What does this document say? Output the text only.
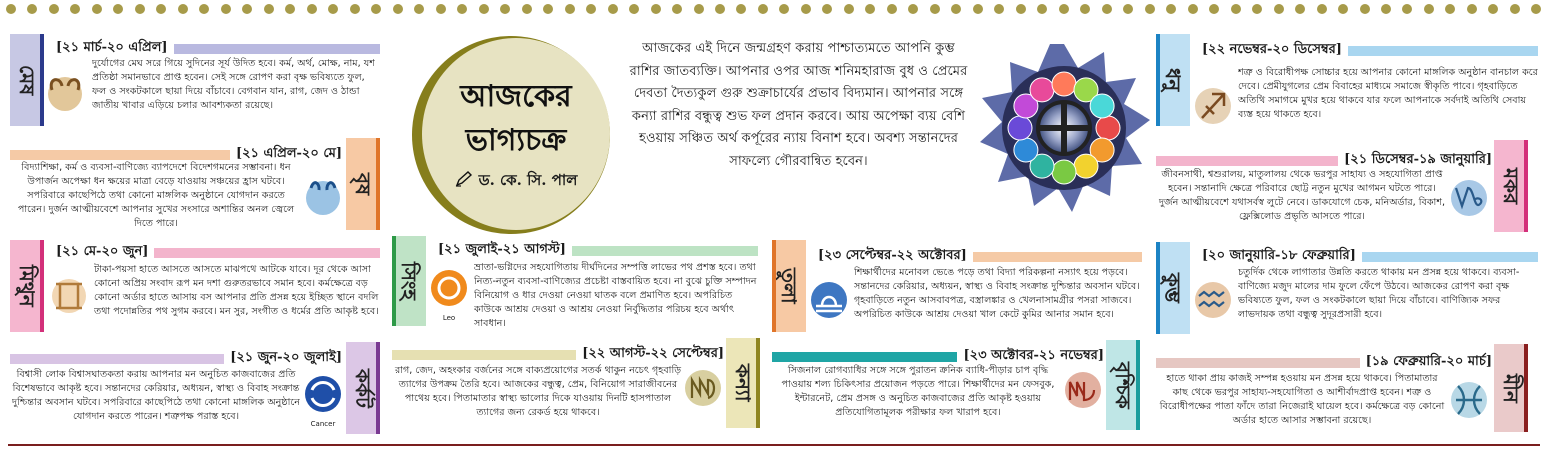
আজকের
ভাগ্যচক্র
ড. কে. সি. পাল
আজকের এই দিনে জন্মগ্রহণ করায় পাশ্চাত্যমতে আপনি কুম্ভ রাশির জাতব্যক্তি। আপনার ওপর আজ শনিমহারাজ বুধ ও প্রেমের দেবতা দৈত্যকুল গুরু শুক্রাচার্যের প্রভাব বিদ্যমান। আপনার সঙ্গে কন্যা রাশির বন্ধুত্ব শুভ ফল প্রদান করবে। আয় অপেক্ষা ব্যয় বেশি হওয়ায় সঞ্চিত অর্থ কর্পূরের ন্যায় বিনাশ হবে। অবশ্য সন্তানদের সাফল্যে গৌরবান্বিত হবেন।
মেষ
[২১ মার্চ-২০ এপ্রিল]
দুর্যোগের মেঘ সরে গিয়ে সুদিনের সূর্য উদিত হবে। কর্ম, অর্থ, মোক্ষ, নাম, যশ প্রতিষ্ঠা সমানভাবে প্রাপ্ত হবেন। সেই সঙ্গে রোপণ করা বৃক্ষ ভবিষ্যতে ফুল, ফল ও সংকটকালে ছায়া দিয়ে বাঁচাবে। বেগবান যান, রাগ, জেদ ও ঠান্ডা জাতীয় খাবার এড়িয়ে চলার আবশ্যকতা রয়েছে।
[২১ এপ্রিল-২০ মে]
বৃষ
বিদ্যাশিক্ষা, কর্ম ও ব্যবসা-বাণিজ্যে ব্যাপদেশে বিদেশগমনের সম্ভাবনা। ধন উপার্জন অপেক্ষা ধন ক্ষয়ের মাত্রা বেড়ে যাওয়ায় সঞ্চয়ের হ্রাস ঘটবে। সপরিবারে কাছেপিঠে তথা কোনো মাঙ্গলিক অনুষ্ঠানে যোগদান করতে পারেন। দুর্জন আত্মীয়বেশে আপনার সুখের সংসারে অশান্তির অনল জ্বেলে দিতে পারে।
মিথুন
[২১ মে-২০ জুন]
টাকা-পয়সা হাতে আসতে আসতে মাঝপথে আটকে যাবে। দূর থেকে আসা কোনো অপ্রিয় সংবাদ রূপ মন দশা গুরুতরভাবে সমান হবে। কর্মক্ষেত্রে বড় কোনো অর্ডার হাতে আসায় বস আপনার প্রতি প্রসন্ন হয়ে ইচ্ছিত স্থানে বদলি তথা পদোন্নতির পথ সুগম করবে। মন সুর, সংগীত ও ধর্মের প্রতি আকৃষ্ট হবে।
[২১ জুন-২০ জুলাই]
কর্কট
Cancer
বিশ্বাসী লোক বিশ্বাসঘাতকতা করায় আপনার মন অনুচিত কাজবাজের প্রতি বিশেষভাবে আকৃষ্ট হবে। সন্তানদের কেরিয়ার, অধ্যয়ন, স্বাস্থ্য ও বিবাহ সংক্রান্ত দুশ্চিন্তার অবসান ঘটবে। সপরিবারে কাছেপিঠে তথা কোনো মাঙ্গলিক অনুষ্ঠানে যোগদান করতে পারেন। শত্রুপক্ষ পরাস্ত হবে।
সিংহ
[২১ জুলাই-২১ আগস্ট]
Leo
ভ্রাতা-ভগ্নিদের সহযোগিতায় দীর্ঘদিনের সম্পত্তি লাভের পথ প্রশস্ত হবে। তথা নিত্য-নতুন ব্যবসা-বাণিজ্যের প্রচেষ্টা বাস্তবায়িত হবে। না বুঝে চুক্তি সম্পাদন বিনিয়োগ ও ধার দেওয়া নেওয়া ঘাতক বলে প্রমাণিত হবে। অপরিচিত কাউকে আশ্রয় দেওয়া ও আশ্রয় নেওয়া নির্বুদ্ধিতার পরিচয় হবে অর্থাৎ সাবধান।
[২২ আগস্ট-২২ সেপ্টেম্বর]
কন্যা
রাগ, জেদ, অহংকার বর্জনের সঙ্গে বাক্যপ্রয়োগের সতর্ক থাকুন নচেৎ গৃহবাড়ি ত্যাগের উপক্রম তৈরি হবে। আজকের বন্ধুত্ব, প্রেম, বিনিয়োগ সারাজীবনের পাথেয় হবে। পিতামাতার স্বাস্থ্য ভালোর দিকে যাওয়ায় দিনটি হাসপাতাল ত্যাগের জন্য রেকর্ড হয়ে থাকবে।
তুলা
[২৩ সেপ্টেম্বর-২২ অক্টোবর]
শিক্ষার্থীদের মনোবল ভেঙে পড়ে তথা বিদ্যা পরিকল্পনা নস্যাৎ হয়ে পড়বে। সন্তানদের কেরিয়ার, অধ্যয়ন, স্বাস্থ্য ও বিবাহ সংক্রান্ত দুশ্চিন্তার অবসান ঘটবে। গৃহবাড়িতে নতুন আসবাবপত্র, বস্ত্রালঙ্কার ও খেলনাসামগ্রীর পসরা সাজবে। অপরিচিত কাউকে আশ্রয় দেওয়া খাল কেটে কুমির আনার সমান হবে।
[২৩ অক্টোবর-২১ নভেম্বর]
বৃশ্চিক
সিজনাল রোগব্যাধির সঙ্গে সঙ্গে পুরাতন ক্রনিক ব্যাধি-পীড়ার চাপ বৃদ্ধি পাওয়ায় শল্য চিকিৎসার প্রয়োজন পড়তে পারে। শিক্ষার্থীদের মন ফেসবুক, ইন্টারনেট, প্রেম প্রসঙ্গ ও অনুচিত কাজবাজের প্রতি আকৃষ্ট হওয়ায় প্রতিযোগিতামূলক পরীক্ষার ফল খারাপ হবে।
ধনু
[২২ নভেম্বর-২০ ডিসেম্বর]
শত্রু ও বিরোধীপক্ষ সোচ্চার হয়ে আপনার কোনো মাঙ্গলিক অনুষ্ঠান বানচাল করে দেবে। প্রেমীযুগলের প্রেম বিবাহের মাধ্যমে সমাজে স্বীকৃতি পাবে। গৃহবাড়িতে অতিথি সমাগমে মুখর হয়ে থাকবে যার ফলে আপনাকে সর্বদাই অতিথি সেবায় ব্যস্ত হয়ে থাকতে হবে।
[২১ ডিসেম্বর-১৯ জানুয়ারি]
মকর
জীবনসাথী, শ্বশুরালয়, মাতুলালয় থেকে ভরপুর সাহায্য ও সহযোগিতা প্রাপ্ত হবেন। সন্তানাদি ক্ষেত্রে পরিবারে ছোট্ট নতুন মুখের আগমন ঘটতে পারে। দুর্জন আত্মীয়বেশে যথাসর্বস্ব লুটে নেবে। ডাকযোগে চেক, মনিঅর্ডার, বিকাশ, ফ্লেক্সিলোড প্রভৃতি আসতে পারে।
কুম্ভ
[২০ জানুয়ারি-১৮ ফেব্রুয়ারি]
চতুর্দিক থেকে লাগাতার উন্নতি করতে থাকায় মন প্রসন্ন হয়ে থাকবে। ব্যবসা-বাণিজ্যে মজুদ মালের দাম ফুলে ফেঁপে উঠবে। আজকের রোপণ করা বৃক্ষ ভবিষ্যতে ফুল, ফল ও সংকটকালে ছায়া দিয়ে বাঁচাবে। বাণিজ্যিক সফর লাভদায়ক তথা বন্ধুত্ব সুদূরপ্রসারী হবে।
[১৯ ফেব্রুয়ারি-২০ মার্চ]
মীন
হাতে থাকা প্রায় কাজই সম্পন্ন হওয়ায় মন প্রসন্ন হয়ে থাকবে। পিতামাতার কাছ থেকে ভরপুর সাহায্য-সহযোগিতা ও আশীর্বাদপ্রাপ্ত হবেন। শত্রু ও বিরোধীপক্ষের পাতা ফাঁদে তারা নিজেরাই ঘায়েল হবে। কর্মক্ষেত্রে বড় কোনো অর্ডার হাতে আসার সম্ভাবনা রয়েছে।
